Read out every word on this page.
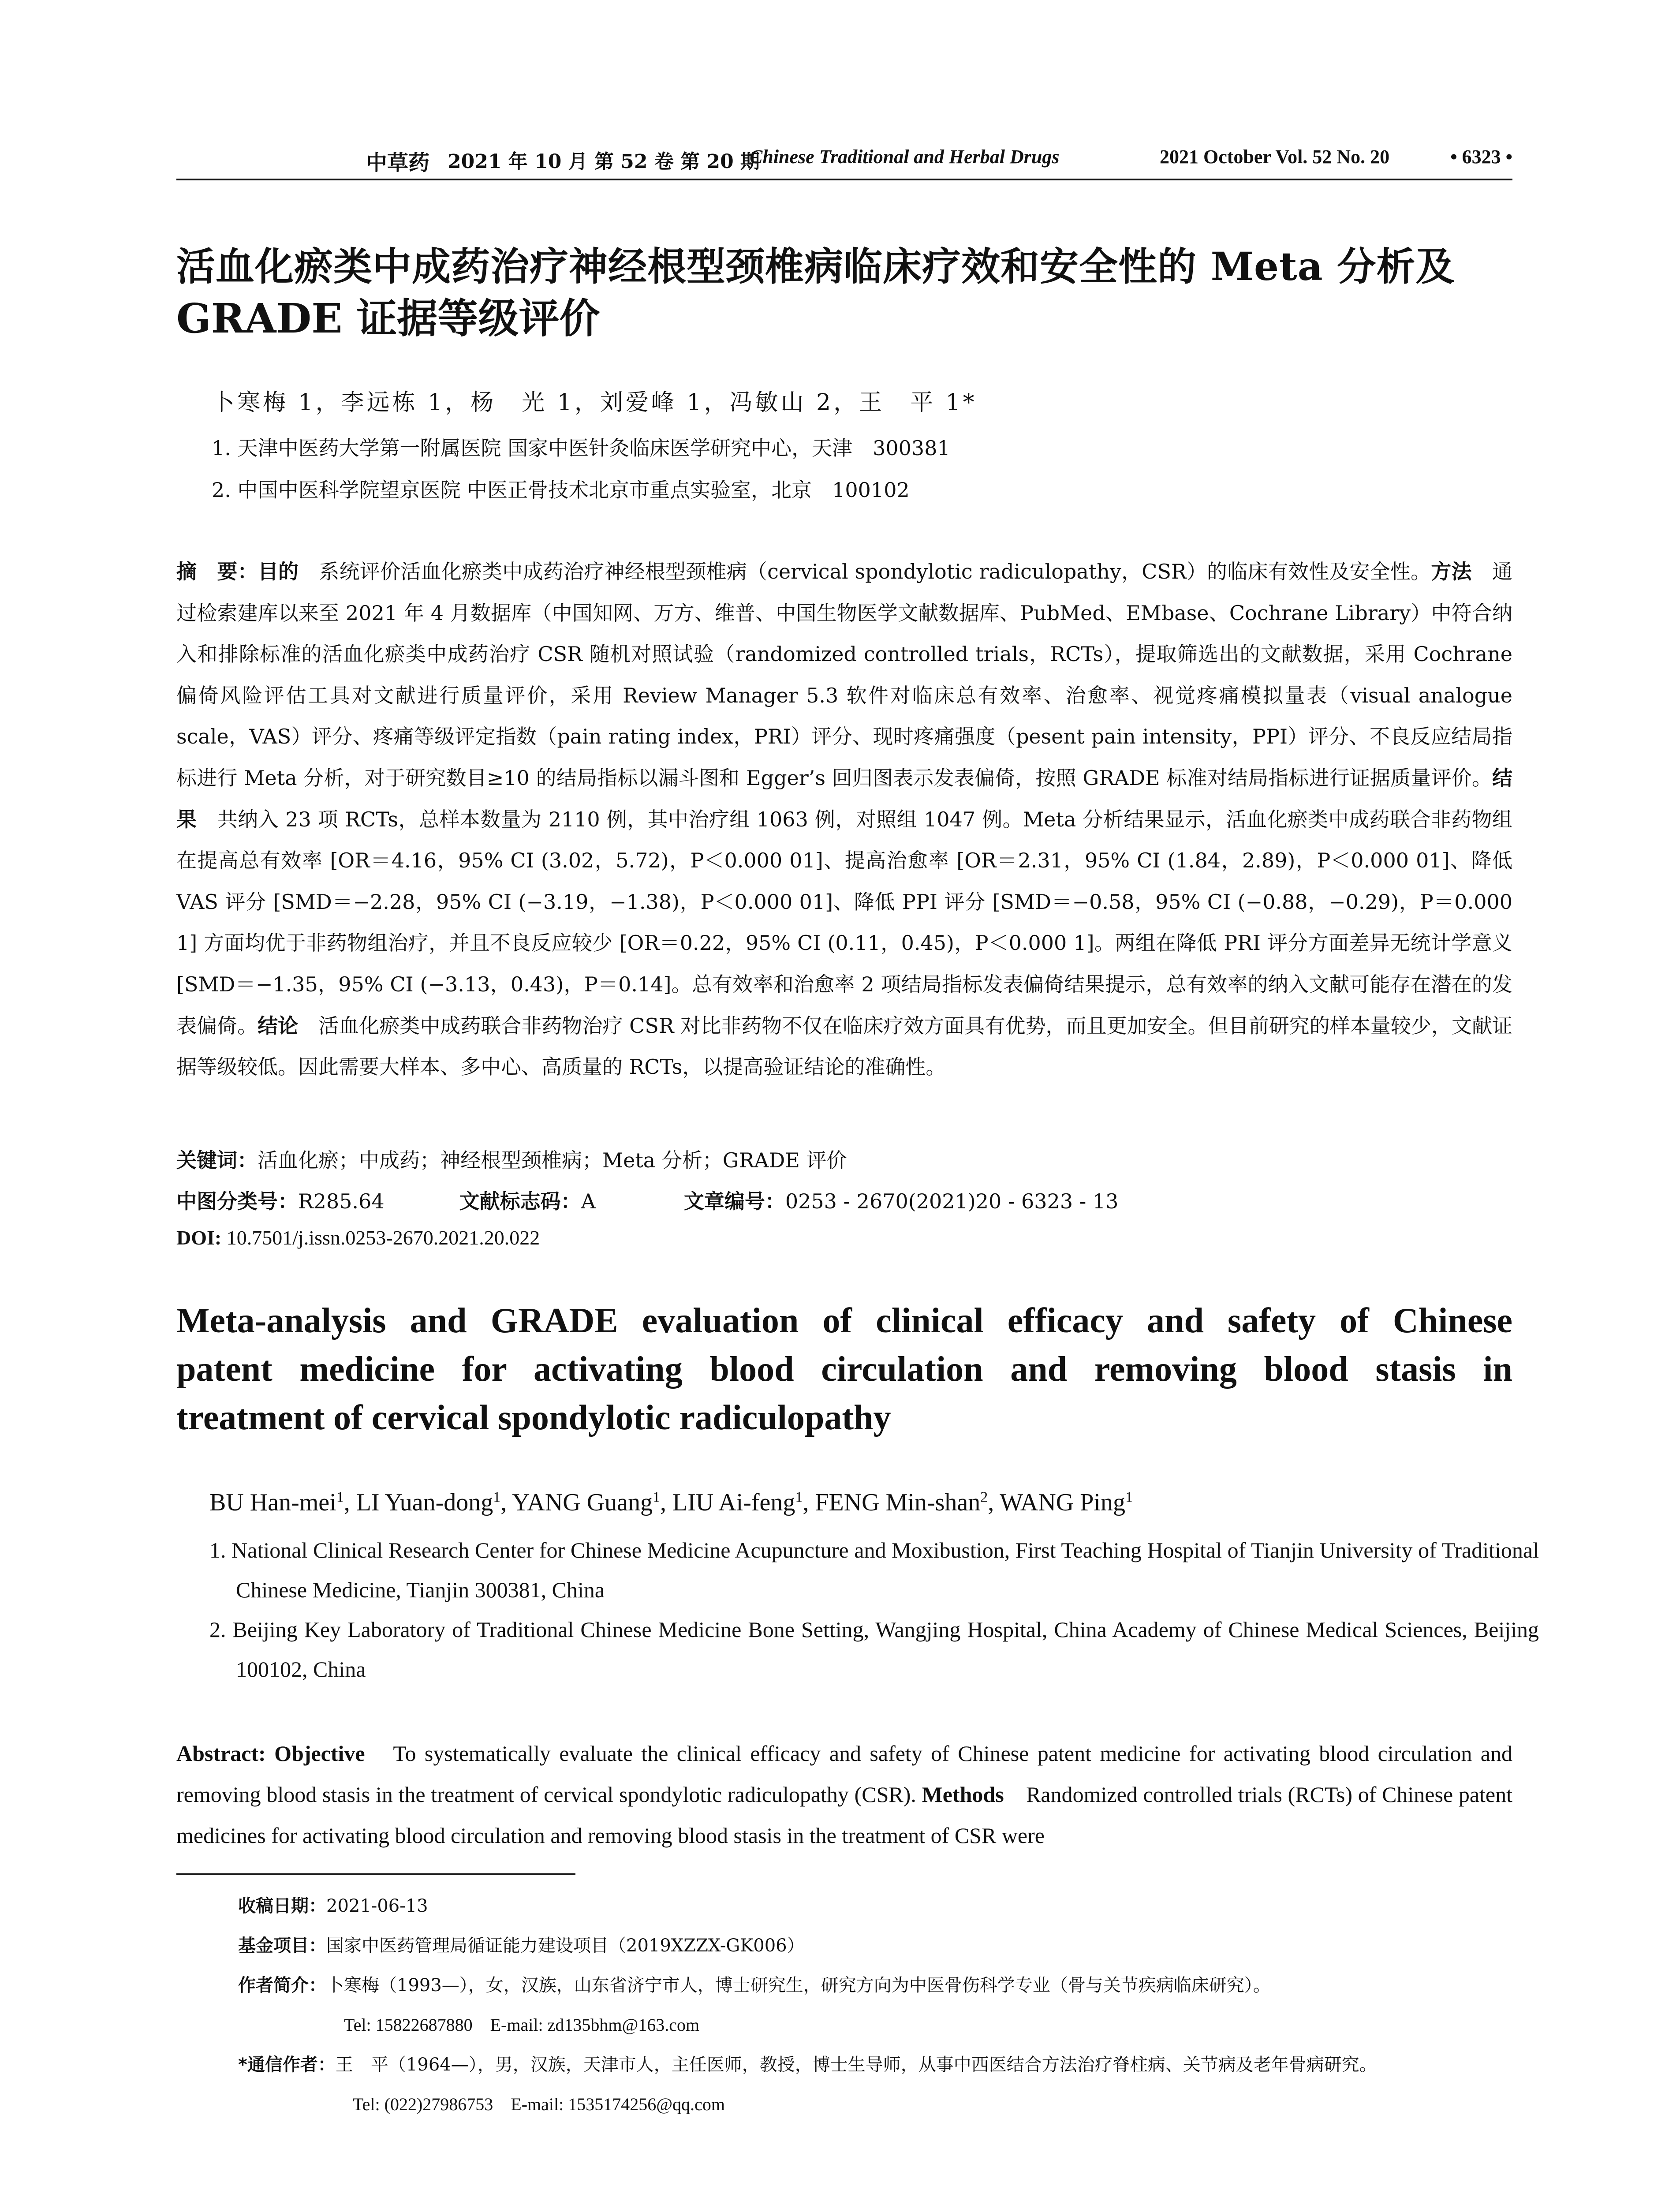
中草药 2021 年 10 月 第 52 卷 第 20 期
Chinese Traditional and Herbal Drugs	2021 October Vol. 52 No. 20	• 6323 •
活血化瘀类中成药治疗神经根型颈椎病临床疗效和安全性的 Meta 分析及
GRADE 证据等级评价
卜寒梅 1，李远栋 1，杨　光 1，刘爱峰 1，冯敏山 2，王　平 1*
1. 天津中医药大学第一附属医院 国家中医针灸临床医学研究中心，天津　300381
2. 中国中医科学院望京医院 中医正骨技术北京市重点实验室，北京　100102

摘　要：目的　系统评价活血化瘀类中成药治疗神经根型颈椎病（cervical spondylotic radiculopathy，CSR）的临床有效性及安全性。方法　通过检索建库以来至 2021 年 4 月数据库（中国知网、万方、维普、中国生物医学文献数据库、PubMed、EMbase、Cochrane Library）中符合纳入和排除标准的活血化瘀类中成药治疗 CSR 随机对照试验（randomized controlled trials，RCTs），提取筛选出的文献数据，采用 Cochrane 偏倚风险评估工具对文献进行质量评价，采用 Review Manager 5.3 软件对临床总有效率、治愈率、视觉疼痛模拟量表（visual analogue scale，VAS）评分、疼痛等级评定指数（pain rating index，PRI）评分、现时疼痛强度（pesent pain intensity，PPI）评分、不良反应结局指标进行 Meta 分析，对于研究数目≥10 的结局指标以漏斗图和 Egger’s 回归图表示发表偏倚，按照 GRADE 标准对结局指标进行证据质量评价。结果　共纳入 23 项 RCTs，总样本数量为 2110 例，其中治疗组 1063 例，对照组 1047 例。Meta 分析结果显示，活血化瘀类中成药联合非药物组在提高总有效率 [OR＝4.16，95% CI (3.02，5.72)，P＜0.000 01]、提高治愈率 [OR＝2.31，95% CI (1.84，2.89)，P＜0.000 01]、降低 VAS 评分 [SMD＝−2.28，95% CI (−3.19，−1.38)，P＜0.000 01]、降低 PPI 评分 [SMD＝−0.58，95% CI (−0.88，−0.29)，P＝0.000 1] 方面均优于非药物组治疗，并且不良反应较少 [OR＝0.22，95% CI (0.11，0.45)，P＜0.000 1]。两组在降低 PRI 评分方面差异无统计学意义 [SMD＝−1.35，95% CI (−3.13，0.43)，P＝0.14]。总有效率和治愈率 2 项结局指标发表偏倚结果提示，总有效率的纳入文献可能存在潜在的发表偏倚。结论　活血化瘀类中成药联合非药物治疗 CSR 对比非药物不仅在临床疗效方面具有优势，而且更加安全。但目前研究的样本量较少，文献证据等级较低。因此需要大样本、多中心、高质量的 RCTs，以提高验证结论的准确性。

关键词：活血化瘀；中成药；神经根型颈椎病；Meta 分析；GRADE 评价
中图分类号：R285.64	文献标志码：A	文章编号：0253 - 2670(2021)20 - 6323 - 13
DOI: 10.7501/j.issn.0253-2670.2021.20.022
Meta-analysis and GRADE evaluation of clinical efficacy and safety of Chinese
patent medicine for activating blood circulation and removing blood stasis in
treatment of cervical spondylotic radiculopathy
BU Han-mei$^1$, LI Yuan-dong$^1$, YANG Guang$^1$, LIU Ai-feng$^1$, FENG Min-shan$^2$, WANG Ping$^1$
1. National Clinical Research Center for Chinese Medicine Acupuncture and Moxibustion, First Teaching Hospital of Tianjin University of Traditional Chinese Medicine, Tianjin 300381, China
2. Beijing Key Laboratory of Traditional Chinese Medicine Bone Setting, Wangjing Hospital, China Academy of Chinese Medical Sciences, Beijing 100102, China

Abstract: Objective　To systematically evaluate the clinical efficacy and safety of Chinese patent medicine for activating blood circulation and removing blood stasis in the treatment of cervical spondylotic radiculopathy (CSR). Methods　Randomized controlled trials (RCTs) of Chinese patent medicines for activating blood circulation and removing blood stasis in the treatment of CSR were

收稿日期：2021-06-13
基金项目：国家中医药管理局循证能力建设项目（2019XZZX-GK006）
作者简介：卜寒梅（1993—），女，汉族，山东省济宁市人，博士研究生，研究方向为中医骨伤科学专业（骨与关节疾病临床研究）。
Tel: 15822687880　E-mail: zd135bhm@163.com
*通信作者：王　平（1964—），男，汉族，天津市人，主任医师，教授，博士生导师，从事中西医结合方法治疗脊柱病、关节病及老年骨病研究。
Tel: (022)27986753　E-mail: 1535174256@qq.com
